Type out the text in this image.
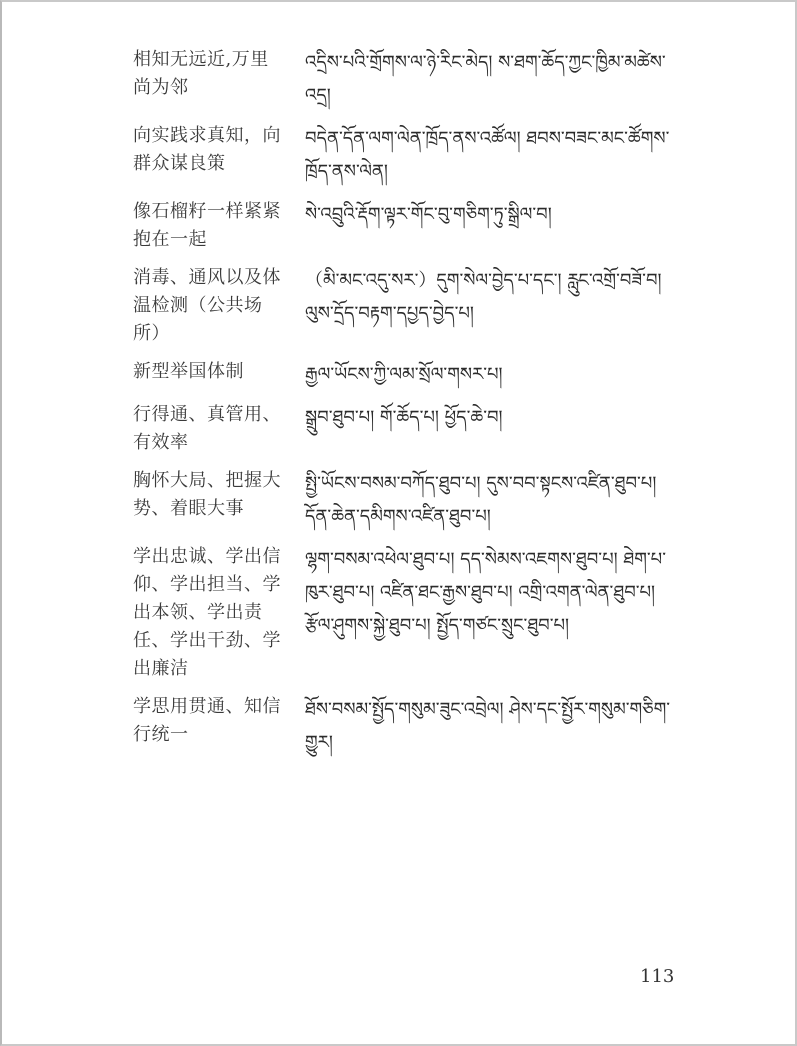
相知无远近,万里尚为邻
འདྲིས་པའི་གྲོགས་ལ་ཉེ་རིང་མེད། ས་ཐག་ཆོད་ཀྱང་ཁྱིམ་མཚེས་འདྲ།
向实践求真知，向群众谋良策
བདེན་དོན་ལག་ལེན་ཁྲོད་ནས་འཚོལ། ཐབས་བཟང་མང་ཚོགས་ཁྲོད་ནས་ལེན།
像石榴籽一样紧紧抱在一起
སེ་འབྲུའི་རྡོག་ལྟར་གོང་བུ་གཅིག་ཏུ་སྒྲིལ་བ།
消毒、通风以及体温检测（公共场所）
（མི་མང་འདུ་སར་）དུག་སེལ་བྱེད་པ་དང་། རླུང་འགྲོ་བཟོ་བ། ལུས་དྲོད་བརྟག་དཔྱད་བྱེད་པ།
新型举国体制	རྒྱལ་ཡོངས་ཀྱི་ལམ་སྲོལ་གསར་པ།
行得通、真管用、有效率
སྒྲུབ་ཐུབ་པ། གོ་ཆོད་པ། ཕྱོད་ཆེ་བ།
胸怀大局、把握大势、着眼大事
སྤྱི་ཡོངས་བསམ་བཀོད་ཐུབ་པ། དུས་བབ་སྟངས་འཛིན་ཐུབ་པ། དོན་ཆེན་དམིགས་འཛིན་ཐུབ་པ།
学出忠诚、学出信仰、学出担当、学出本领、学出责任、学出干劲、学出廉洁
ལྷག་བསམ་འཕེལ་ཐུབ་པ། དད་སེམས་འཇགས་ཐུབ་པ། ཐེག་པ་ཁུར་ཐུབ་པ། འཛིན་ཐང་རྒྱས་ཐུབ་པ། འགྲི་འགན་ལེན་ཐུབ་པ། རྩོལ་ཤུགས་སྐྱེ་ཐུབ་པ། སྤྱོད་གཙང་སྲུང་ཐུབ་པ།
学思用贯通、知信行统一
ཐོས་བསམ་སྤྱོད་གསུམ་ཟུང་འབྲེལ། ཤེས་དང་སྤྱོར་གསུམ་གཅིག་གྱུར།
113
